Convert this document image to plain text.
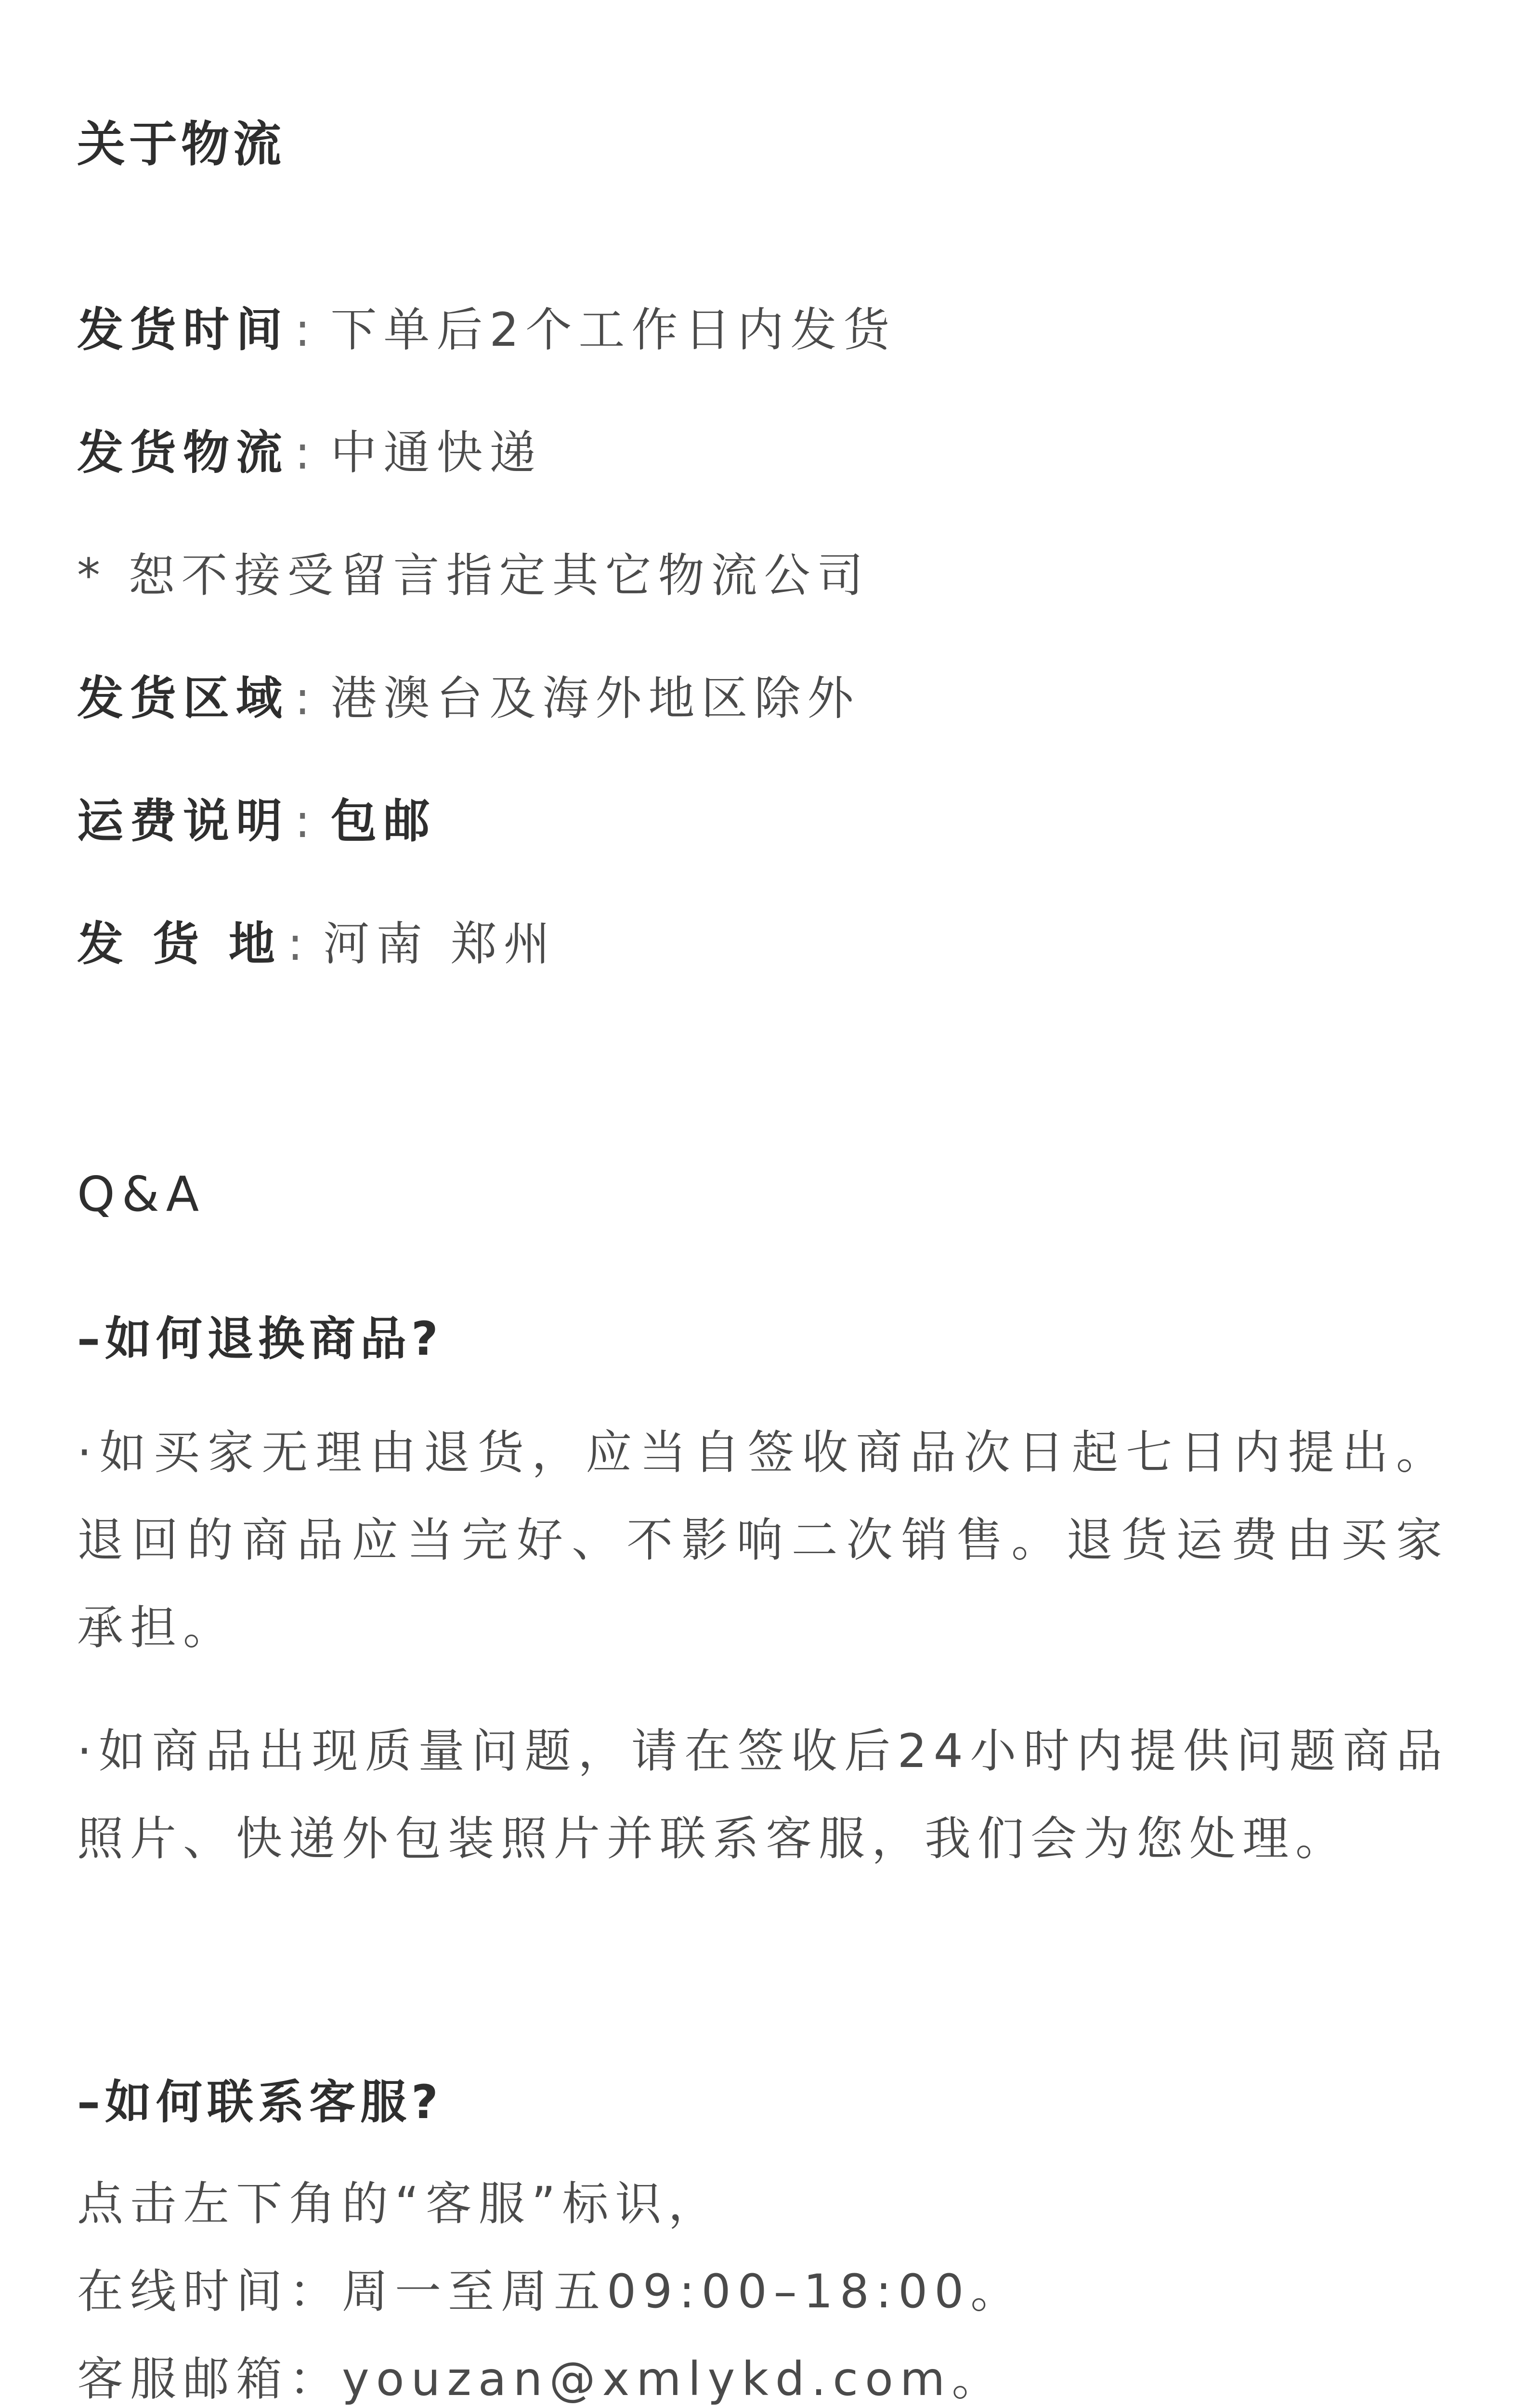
关于物流
发货时间 : 下单后2个工作日内发货
发货物流 : 中通快递
* 恕不接受留言指定其它物流公司
发货区域 : 港澳台及海外地区除外
运费说明 : 包邮
发 货 地 : 河南 郑州
Q&A
–如何退换商品?
·如买家无理由退货，应当自签收商品次日起七日内提出。退回的商品应当完好、不影响二次销售。退货运费由买家承担。
·如商品出现质量问题，请在签收后24小时内提供问题商品照片、快递外包装照片并联系客服，我们会为您处理。
–如何联系客服?
点击左下角的“客服”标识，
在线时间：周一至周五09:00–18:00。
客服邮箱：youzan@xmlykd.com。
